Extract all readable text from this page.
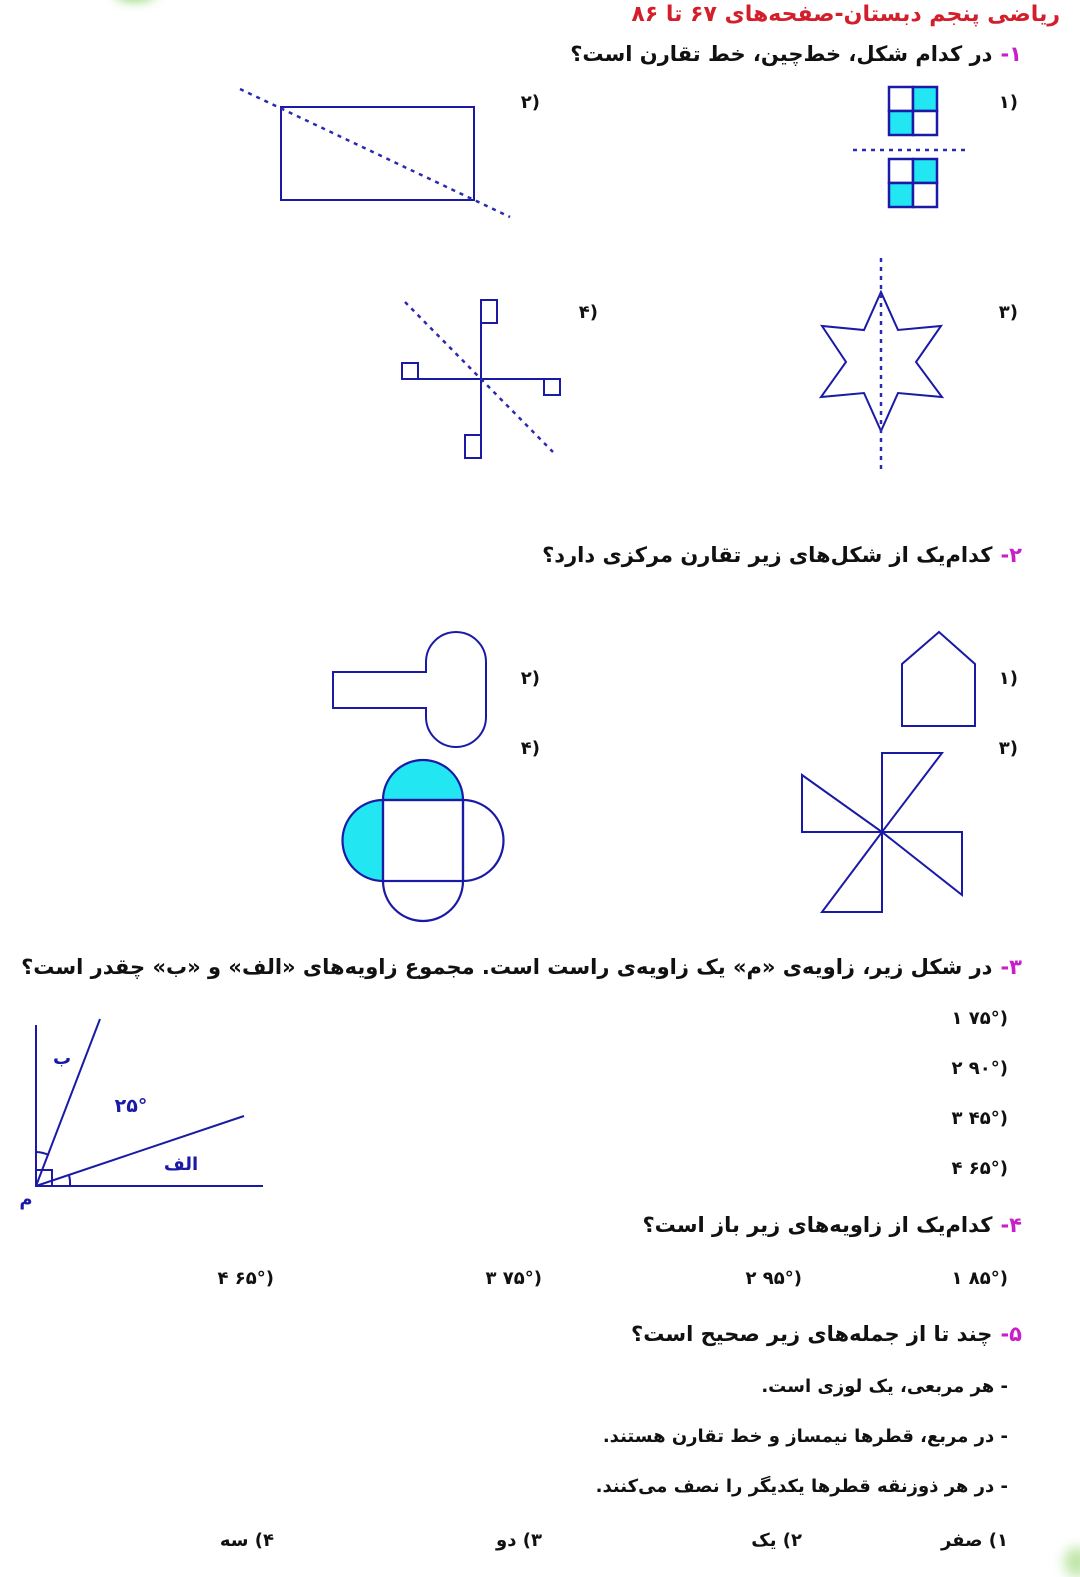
ریاضی پنجم دبستان-صفحه‌های ۶۷ تا ۸۶
۱-در کدام شکل، خط‌چین، خط تقارن است؟
(۱
(۲
(۳
(۴
۲-کدام‌یک از شکل‌های زیر تقارن مرکزی دارد؟
(۱
(۲
(۳
(۴
۳-در شکل زیر، زاویه‌ی «م» یک زاویه‌ی راست است. مجموع زاویه‌های «الف» و «ب» چقدر است؟
ب
۲۵°
الف
م
(۱ ۷۵°
(۲ ۹۰°
(۳ ۴۵°
(۴ ۶۵°
۴-کدام‌یک از زاویه‌های زیر باز است؟
(۱ ۸۵°
(۲ ۹۵°
(۳ ۷۵°
(۴ ۶۵°
۵-چند تا از جمله‌های زیر صحیح است؟
- هر مربعی، یک لوزی است.
- در مربع، قطرها نیمساز و خط تقارن هستند.
- در هر ذوزنقه قطرها یکدیگر را نصف می‌کنند.
۱) صفر
۲) یک
۳) دو
۴) سه
